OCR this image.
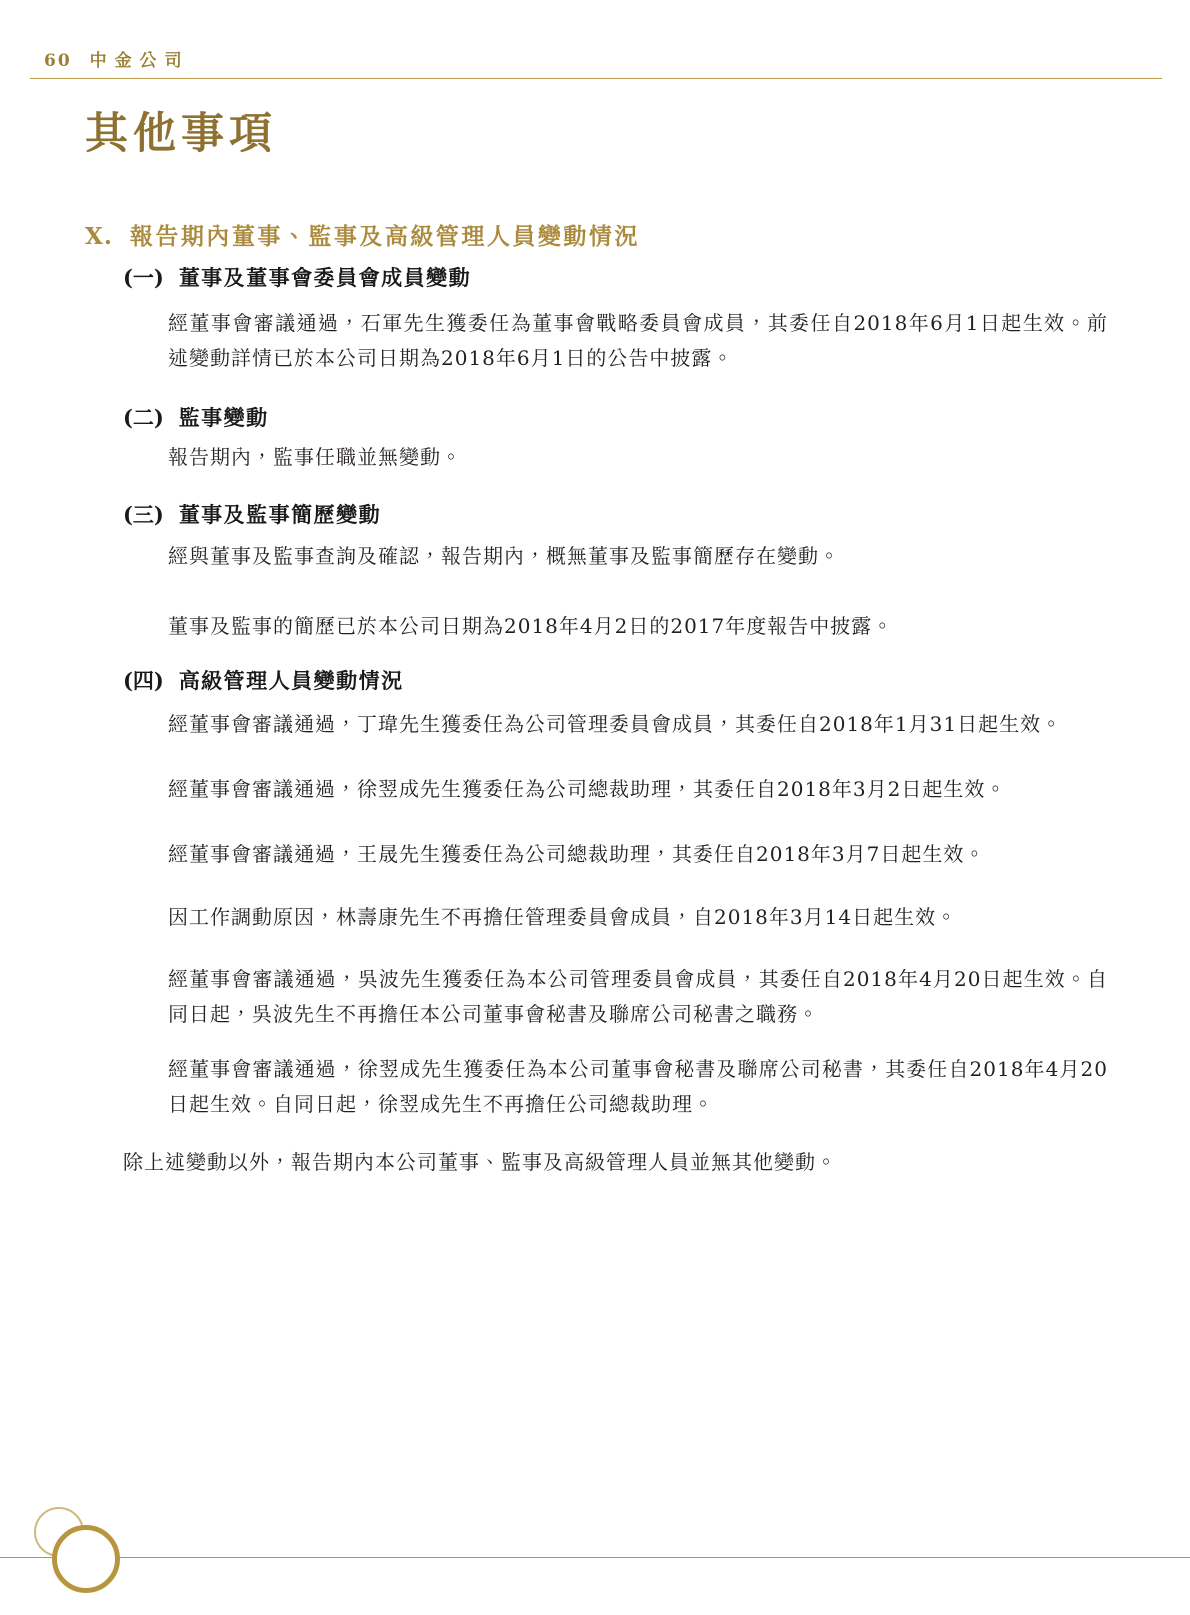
60 中金公司
其他事項
X. 報告期內董事、監事及高級管理人員變動情況
(一) 董事及董事會委員會成員變動

經董事會審議通過，石軍先生獲委任為董事會戰略委員會成員，其委任自2018年6月1日起生效。前述變動詳情已於本公司日期為2018年6月1日的公告中披露。

(二) 監事變動

報告期內，監事任職並無變動。

(三) 董事及監事簡歷變動

經與董事及監事查詢及確認，報告期內，概無董事及監事簡歷存在變動。

董事及監事的簡歷已於本公司日期為2018年4月2日的2017年度報告中披露。

(四) 高級管理人員變動情況

經董事會審議通過，丁瑋先生獲委任為公司管理委員會成員，其委任自2018年1月31日起生效。

經董事會審議通過，徐翌成先生獲委任為公司總裁助理，其委任自2018年3月2日起生效。

經董事會審議通過，王晟先生獲委任為公司總裁助理，其委任自2018年3月7日起生效。

因工作調動原因，林壽康先生不再擔任管理委員會成員，自2018年3月14日起生效。

經董事會審議通過，吳波先生獲委任為本公司管理委員會成員，其委任自2018年4月20日起生效。自同日起，吳波先生不再擔任本公司董事會秘書及聯席公司秘書之職務。

經董事會審議通過，徐翌成先生獲委任為本公司董事會秘書及聯席公司秘書，其委任自2018年4月20日起生效。自同日起，徐翌成先生不再擔任公司總裁助理。

除上述變動以外，報告期內本公司董事、監事及高級管理人員並無其他變動。
